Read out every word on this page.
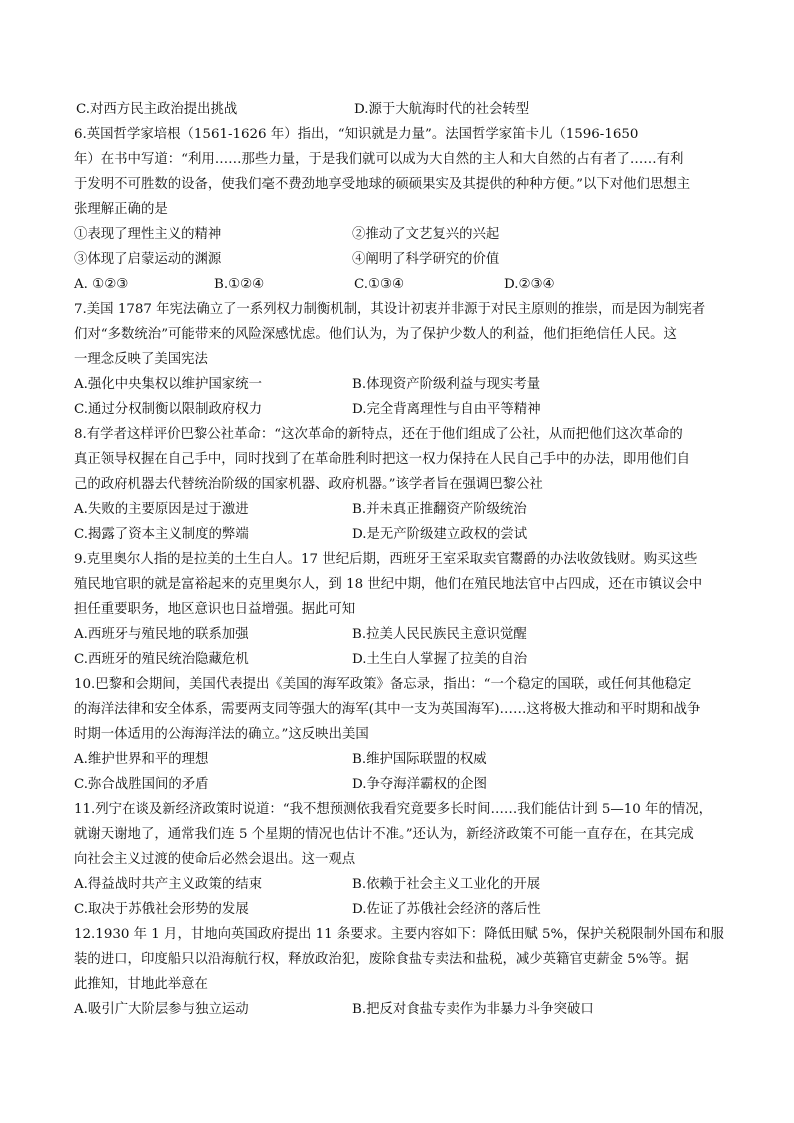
C.对西方民主政治提出挑战	D.源于大航海时代的社会转型
6.英国哲学家培根（1561-1626 年）指出，“知识就是力量”。法国哲学家笛卡儿（1596-1650
年）在书中写道：“利用……那些力量，于是我们就可以成为大自然的主人和大自然的占有者了……有利
于发明不可胜数的设备，使我们毫不费劲地享受地球的硕硕果实及其提供的种种方便。”以下对他们思想主
张理解正确的是
①表现了理性主义的精神	②推动了文艺复兴的兴起
③体现了启蒙运动的渊源	④阐明了科学研究的价值
A. ①②③	B.①②④	C.①③④	D.②③④
7.美国 1787 年宪法确立了一系列权力制衡机制，其设计初衷并非源于对民主原则的推崇，而是因为制宪者
们对“多数统治”可能带来的风险深感忧虑。他们认为，为了保护少数人的利益，他们拒绝信任人民。这
一理念反映了美国宪法
A.强化中央集权以维护国家统一	B.体现资产阶级利益与现实考量
C.通过分权制衡以限制政府权力	D.完全背离理性与自由平等精神
8.有学者这样评价巴黎公社革命：“这次革命的新特点，还在于他们组成了公社，从而把他们这次革命的
真正领导权握在自己手中，同时找到了在革命胜利时把这一权力保持在人民自己手中的办法，即用他们自
己的政府机器去代替统治阶级的国家机器、政府机器。”该学者旨在强调巴黎公社
A.失败的主要原因是过于激进	B.并未真正推翻资产阶级统治
C.揭露了资本主义制度的弊端	D.是无产阶级建立政权的尝试
9.克里奥尔人指的是拉美的土生白人。17 世纪后期，西班牙王室采取卖官鬻爵的办法收敛钱财。购买这些
殖民地官职的就是富裕起来的克里奥尔人，到 18 世纪中期，他们在殖民地法官中占四成，还在市镇议会中
担任重要职务，地区意识也日益增强。据此可知
A.西班牙与殖民地的联系加强	B.拉美人民民族民主意识觉醒
C.西班牙的殖民统治隐藏危机	D.土生白人掌握了拉美的自治
10.巴黎和会期间，美国代表提出《美国的海军政策》备忘录，指出：“一个稳定的国联，或任何其他稳定
的海洋法律和安全体系，需要两支同等强大的海军(其中一支为英国海军)……这将极大推动和平时期和战争
时期一体适用的公海海洋法的确立。”这反映出美国
A.维护世界和平的理想	B.维护国际联盟的权威
C.弥合战胜国间的矛盾	D.争夺海洋霸权的企图
11.列宁在谈及新经济政策时说道：“我不想预测依我看究竟要多长时间……我们能估计到 5—10 年的情况，
就谢天谢地了，通常我们连 5 个星期的情况也估计不准。”还认为，新经济政策不可能一直存在，在其完成
向社会主义过渡的使命后必然会退出。这一观点
A.得益战时共产主义政策的结束	B.依赖于社会主义工业化的开展
C.取决于苏俄社会形势的发展	D.佐证了苏俄社会经济的落后性
12.1930 年 1 月，甘地向英国政府提出 11 条要求。主要内容如下：降低田赋 5%，保护关税限制外国布和服
装的进口，印度船只以沿海航行权，释放政治犯，废除食盐专卖法和盐税，减少英籍官吏薪金 5%等。据
此推知，甘地此举意在
A.吸引广大阶层参与独立运动	B.把反对食盐专卖作为非暴力斗争突破口
